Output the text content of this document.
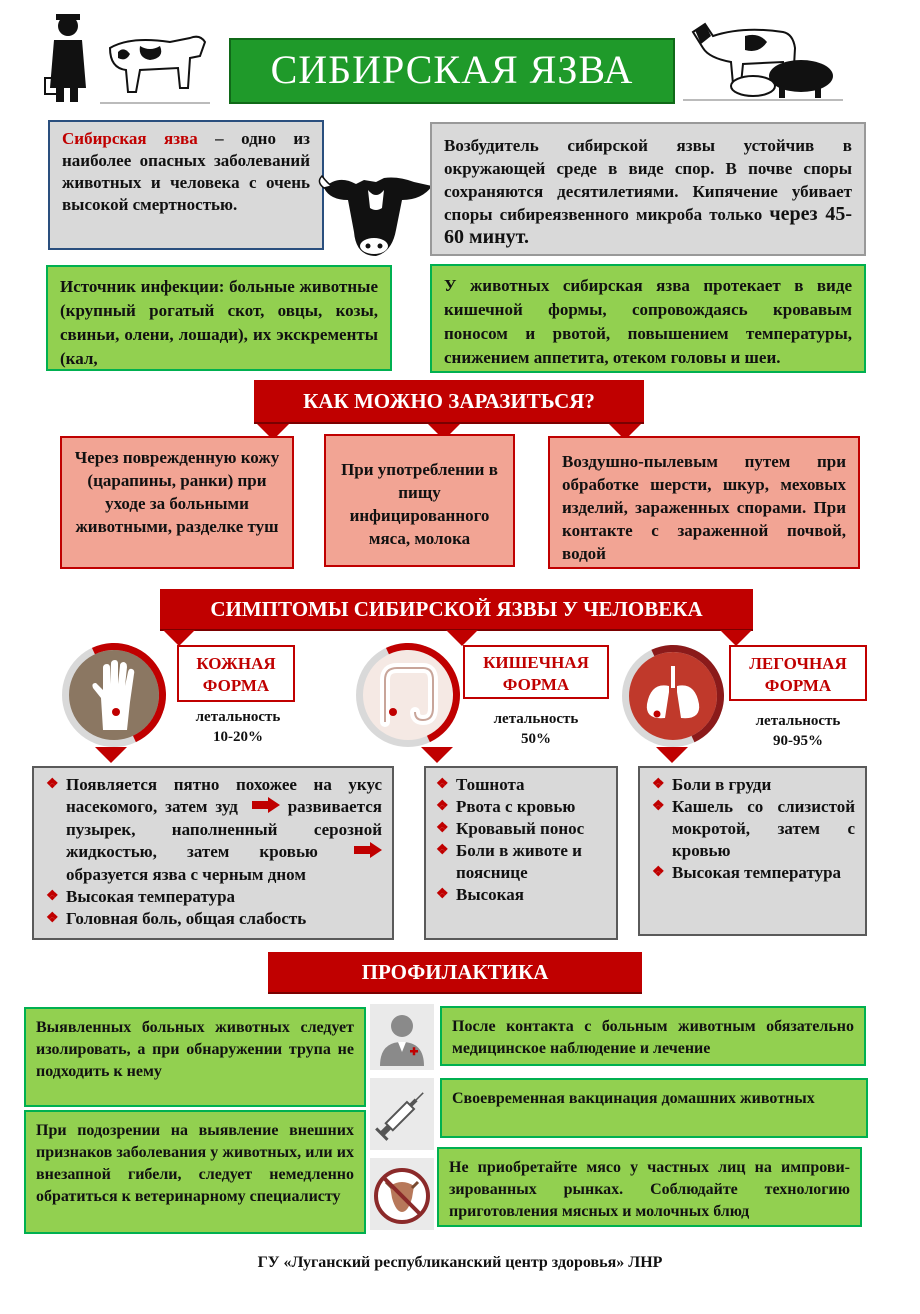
СИБИРСКАЯ ЯЗВА
Сибирская язва – одно из наиболее опасных заболеваний животных и человека с очень высокой смертностью.
Возбудитель сибирской язвы устойчив в окружающей среде в виде спор. В почве споры сохраняются десятилетиями. Кипячение убивает споры сибиреязвенного микроба только через 45-60 минут.
Источник инфекции: больные животные (крупный рогатый скот, овцы, козы, свиньи, олени, лошади), их экскременты (кал,
У животных сибирская язва протекает в виде кишечной формы, сопровождаясь кровавым поносом и рвотой, повышением температуры, снижением аппетита, отеком головы и шеи.
КАК МОЖНО ЗАРАЗИТЬСЯ?
Через поврежденную кожу (царапины, ранки) при уходе за больными животными, разделке туш
При употреблении в пищу инфицированного мяса, молока
Воздушно-пылевым путем при обработке шерсти, шкур, меховых изделий, зараженных спорами. При контакте с зараженной почвой, водой
СИМПТОМЫ СИБИРСКОЙ ЯЗВЫ У ЧЕЛОВЕКА
КОЖНАЯ
ФОРМА
летальность
10-20%
КИШЕЧНАЯ
ФОРМА
летальность
50%
ЛЕГОЧНАЯ
ФОРМА
летальность
90-95%
❖ Появляется пятно похожее на укус насекомого, затем зуд	развивается пузырек, наполненный серозной жидкостью, затем кровью  образуется язва с черным дном
❖ Высокая температура
❖ Головная боль, общая слабость
❖ Тошнота
❖ Рвота с кровью
❖ Кровавый понос
❖ Боли в животе и пояснице
❖ Высокая
❖ Боли в груди
❖ Кашель со слизистой мокротой, затем с кровью
❖ Высокая температура
ПРОФИЛАКТИКА
Выявленных больных животных следует изолировать, а при обнаружении трупа не подходить к нему
При подозрении на выявление внешних признаков заболевания у животных, или их внезапной гибели, следует немедленно обратиться к ветеринарному специалисту
После контакта с больным животным обязательно медицинское наблюдение и лечение
Своевременная вакцинация домашних животных
Не приобретайте мясо у частных лиц на импрови-зированных рынках. Соблюдайте технологию приготовления мясных и молочных блюд
ГУ «Луганский республиканский центр здоровья» ЛНР
